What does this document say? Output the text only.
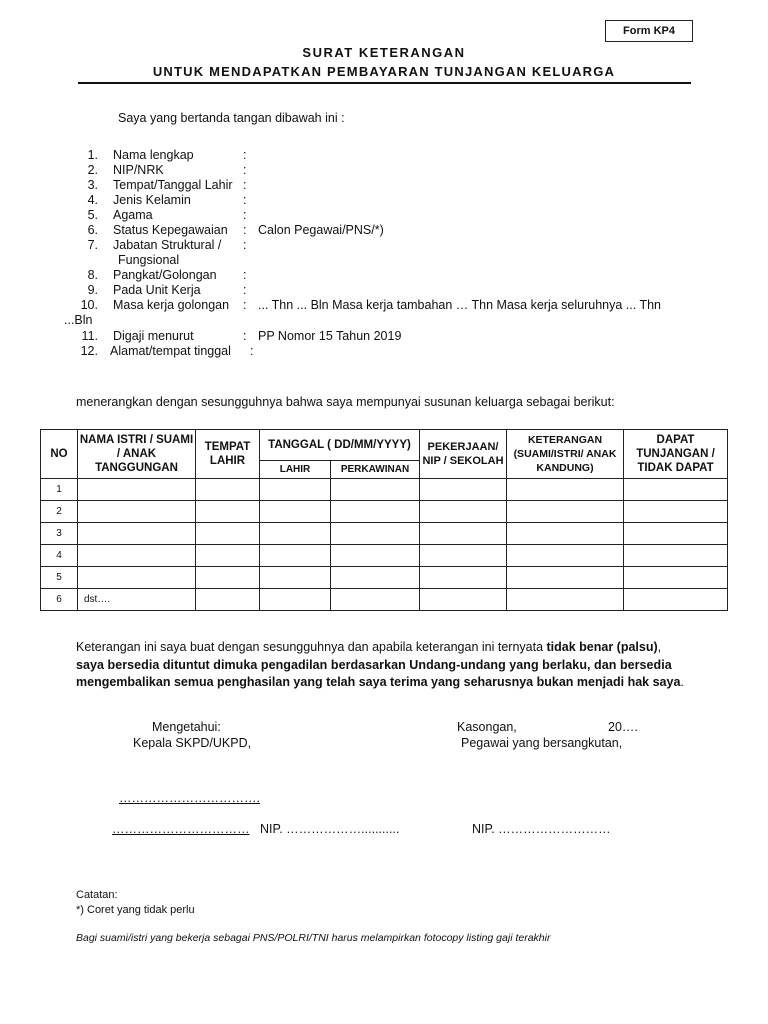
Form KP4
SURAT KETERANGAN
UNTUK MENDAPATKAN PEMBAYARAN TUNJANGAN KELUARGA
Saya yang bertanda tangan dibawah ini :
1. Nama lengkap	:
2. NIP/NRK	:
3. Tempat/Tanggal Lahir :
4. Jenis Kelamin	:
5. Agama	:
6. Status Kepegawaian : Calon Pegawai/PNS/*)
7. Jabatan Struktural / :
Fungsional
8. Pangkat/Golongan :
9. Pada Unit Kerja	:
10. Masa kerja golongan : ... Thn ... Bln Masa kerja tambahan … Thn Masa kerja seluruhnya ... Thn
...Bln
11. Digaji menurut	: PP Nomor 15 Tahun 2019
12. Alamat/tempat tinggal :
menerangkan dengan sesungguhnya bahwa saya mempunyai susunan keluarga sebagai berikut:
NO	NAMA ISTRI / SUAMI / ANAK TANGGUNGAN	TEMPAT LAHIR	TANGGAL ( DD/MM/YYYY)		PEKERJAAN/ NIP / SEKOLAH	KETERANGAN (SUAMI/ISTRI/ ANAK KANDUNG)	DAPAT TUNJANGAN / TIDAK DAPAT
			LAHIR	PERKAWINAN			
1							
2							
3							
4							
5							
6	dst….						
Keterangan ini saya buat dengan sesungguhnya dan apabila keterangan ini ternyata tidak benar (palsu),
saya bersedia dituntut dimuka pengadilan berdasarkan Undang-undang yang berlaku, dan bersedia
mengembalikan semua penghasilan yang telah saya terima yang seharusnya bukan menjadi hak saya.
Mengetahui:
Kepala SKPD/UKPD,
Kasongan,	20….
Pegawai yang bersangkutan,
…………………………….
…………………………… NIP. ………………...........	NIP. ………………………
Catatan:
*) Coret yang tidak perlu
Bagi suami/istri yang bekerja sebagai PNS/POLRI/TNI harus melampirkan fotocopy listing gaji terakhir
